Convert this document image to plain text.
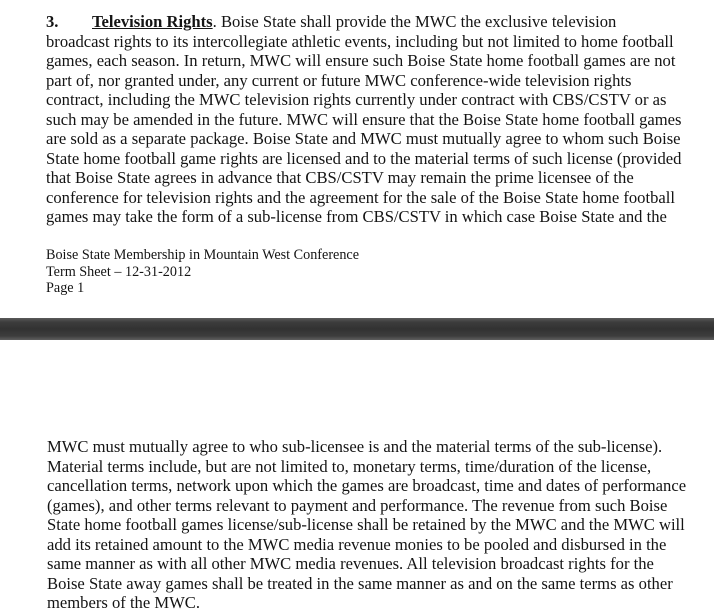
3. Television Rights. Boise State shall provide the MWC the exclusive television
broadcast rights to its intercollegiate athletic events, including but not limited to home football
games, each season. In return, MWC will ensure such Boise State home football games are not
part of, nor granted under, any current or future MWC conference-wide television rights
contract, including the MWC television rights currently under contract with CBS/CSTV or as
such may be amended in the future. MWC will ensure that the Boise State home football games
are sold as a separate package. Boise State and MWC must mutually agree to whom such Boise
State home football game rights are licensed and to the material terms of such license (provided
that Boise State agrees in advance that CBS/CSTV may remain the prime licensee of the
conference for television rights and the agreement for the sale of the Boise State home football
games may take the form of a sub-license from CBS/CSTV in which case Boise State and the
Boise State Membership in Mountain West Conference
Term Sheet – 12-31-2012
Page 1
MWC must mutually agree to who sub-licensee is and the material terms of the sub-license).
Material terms include, but are not limited to, monetary terms, time/duration of the license,
cancellation terms, network upon which the games are broadcast, time and dates of performance
(games), and other terms relevant to payment and performance. The revenue from such Boise
State home football games license/sub-license shall be retained by the MWC and the MWC will
add its retained amount to the MWC media revenue monies to be pooled and disbursed in the
same manner as with all other MWC media revenues. All television broadcast rights for the
Boise State away games shall be treated in the same manner as and on the same terms as other
members of the MWC.
